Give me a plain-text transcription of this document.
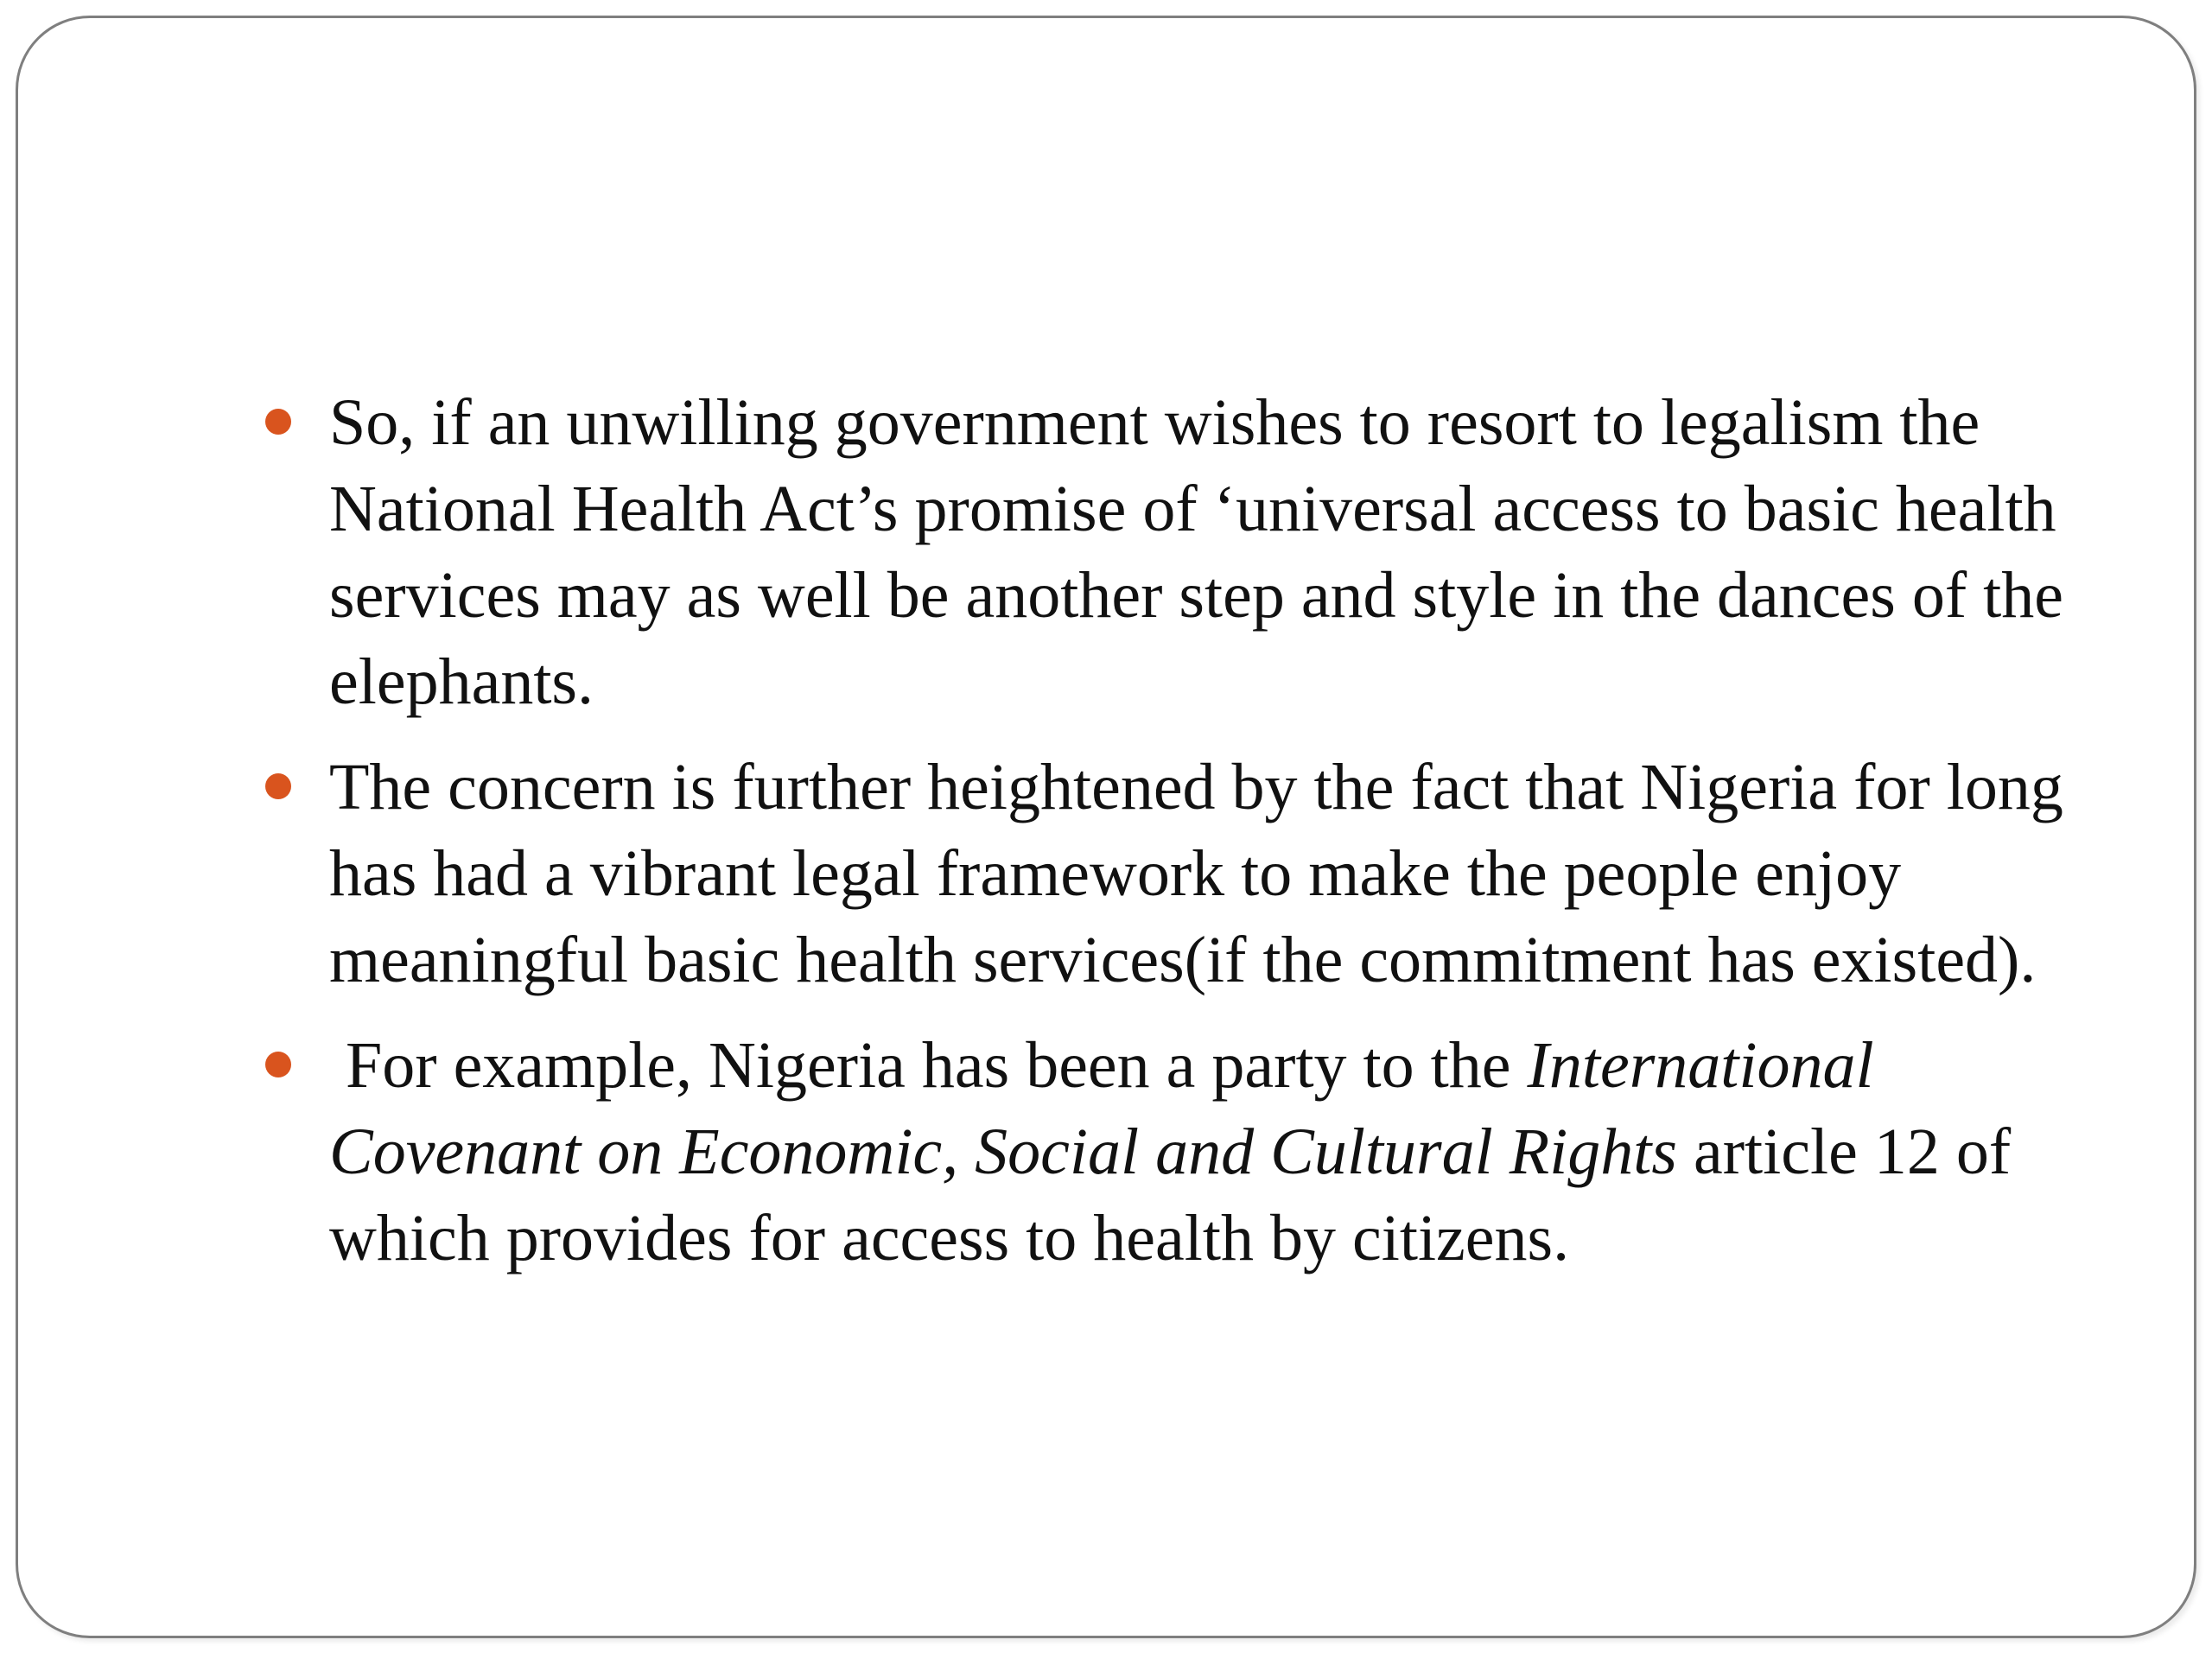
So, if an unwilling government wishes to resort to legalism the National Health Act’s promise of ‘universal access to basic health services may as well be another step and style in the dances of the elephants.
The concern is further heightened by the fact that Nigeria for long has had a vibrant legal framework to make the people enjoy meaningful basic health services(if the commitment has existed).
For example, Nigeria has been a party to the International Covenant on Economic, Social and Cultural Rights article 12 of which provides for access to health by citizens.
